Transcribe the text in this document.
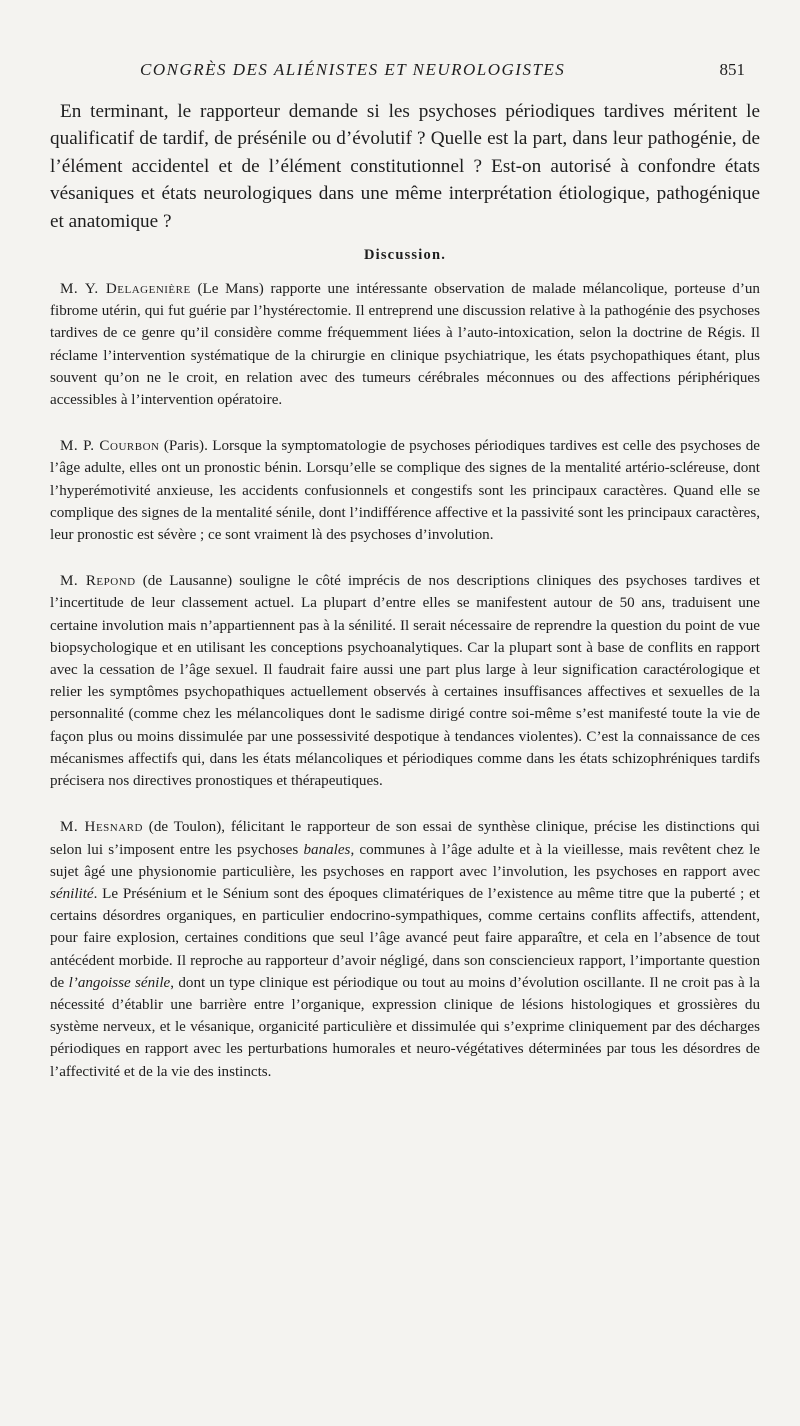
CONGRÈS DES ALIÉNISTES ET NEUROLOGISTES	851

En terminant, le rapporteur demande si les psychoses périodiques tardives méritent le qualificatif de tardif, de présénile ou d’évolutif ? Quelle est la part, dans leur pathogénie, de l’élément accidentel et de l’élément constitutionnel ? Est-on autorisé à confondre états vésaniques et états neurologiques dans une même interprétation étiologique, pathogénique et anatomique ?

Discussion.

M. Y. Delagenière (Le Mans) rapporte une intéressante observation de malade mélancolique, porteuse d’un fibrome utérin, qui fut guérie par l’hystérectomie. Il entreprend une discussion relative à la pathogénie des psychoses tardives de ce genre qu’il considère comme fréquemment liées à l’auto-intoxication, selon la doctrine de Régis. Il réclame l’intervention systématique de la chirurgie en clinique psychiatrique, les états psychopathiques étant, plus souvent qu’on ne le croit, en relation avec des tumeurs cérébrales méconnues ou des affections périphériques accessibles à l’intervention opératoire.

M. P. Courbon (Paris). Lorsque la symptomatologie de psychoses périodiques tardives est celle des psychoses de l’âge adulte, elles ont un pronostic bénin. Lorsqu’elle se complique des signes de la mentalité artério-scléreuse, dont l’hyperémotivité anxieuse, les accidents confusionnels et congestifs sont les principaux caractères. Quand elle se complique des signes de la mentalité sénile, dont l’indifférence affective et la passivité sont les principaux caractères, leur pronostic est sévère ; ce sont vraiment là des psychoses d’involution.

M. Repond (de Lausanne) souligne le côté imprécis de nos descriptions cliniques des psychoses tardives et l’incertitude de leur classement actuel. La plupart d’entre elles se manifestent autour de 50 ans, traduisent une certaine involution mais n’appartiennent pas à la sénilité. Il serait nécessaire de reprendre la question du point de vue biopsychologique et en utilisant les conceptions psychoanalytiques. Car la plupart sont à base de conflits en rapport avec la cessation de l’âge sexuel. Il faudrait faire aussi une part plus large à leur signification caractérologique et relier les symptômes psychopathiques actuellement observés à certaines insuffisances affectives et sexuelles de la personnalité (comme chez les mélancoliques dont le sadisme dirigé contre soi-même s’est manifesté toute la vie de façon plus ou moins dissimulée par une possessivité despotique à tendances violentes). C’est la connaissance de ces mécanismes affectifs qui, dans les états mélancoliques et périodiques comme dans les états schizophréniques tardifs précisera nos directives pronostiques et thérapeutiques.

M. Hesnard (de Toulon), félicitant le rapporteur de son essai de synthèse clinique, précise les distinctions qui selon lui s’imposent entre les psychoses banales, communes à l’âge adulte et à la vieillesse, mais revêtent chez le sujet âgé une physionomie particulière, les psychoses en rapport avec l’involution, les psychoses en rapport avec sénilité. Le Présénium et le Sénium sont des époques climatériques de l’existence au même titre que la puberté ; et certains désordres organiques, en particulier endocrino-sympathiques, comme certains conflits affectifs, attendent, pour faire explosion, certaines conditions que seul l’âge avancé peut faire apparaître, et cela en l’absence de tout antécédent morbide. Il reproche au rapporteur d’avoir négligé, dans son consciencieux rapport, l’importante question de l’angoisse sénile, dont un type clinique est périodique ou tout au moins d’évolution oscillante. Il ne croit pas à la nécessité d’établir une barrière entre l’organique, expression clinique de lésions histologiques et grossières du système nerveux, et le vésanique, organicité particulière et dissimulée qui s’exprime cliniquement par des décharges périodiques en rapport avec les perturbations humorales et neuro-végétatives déterminées par tous les désordres de l’affectivité et de la vie des instincts.
